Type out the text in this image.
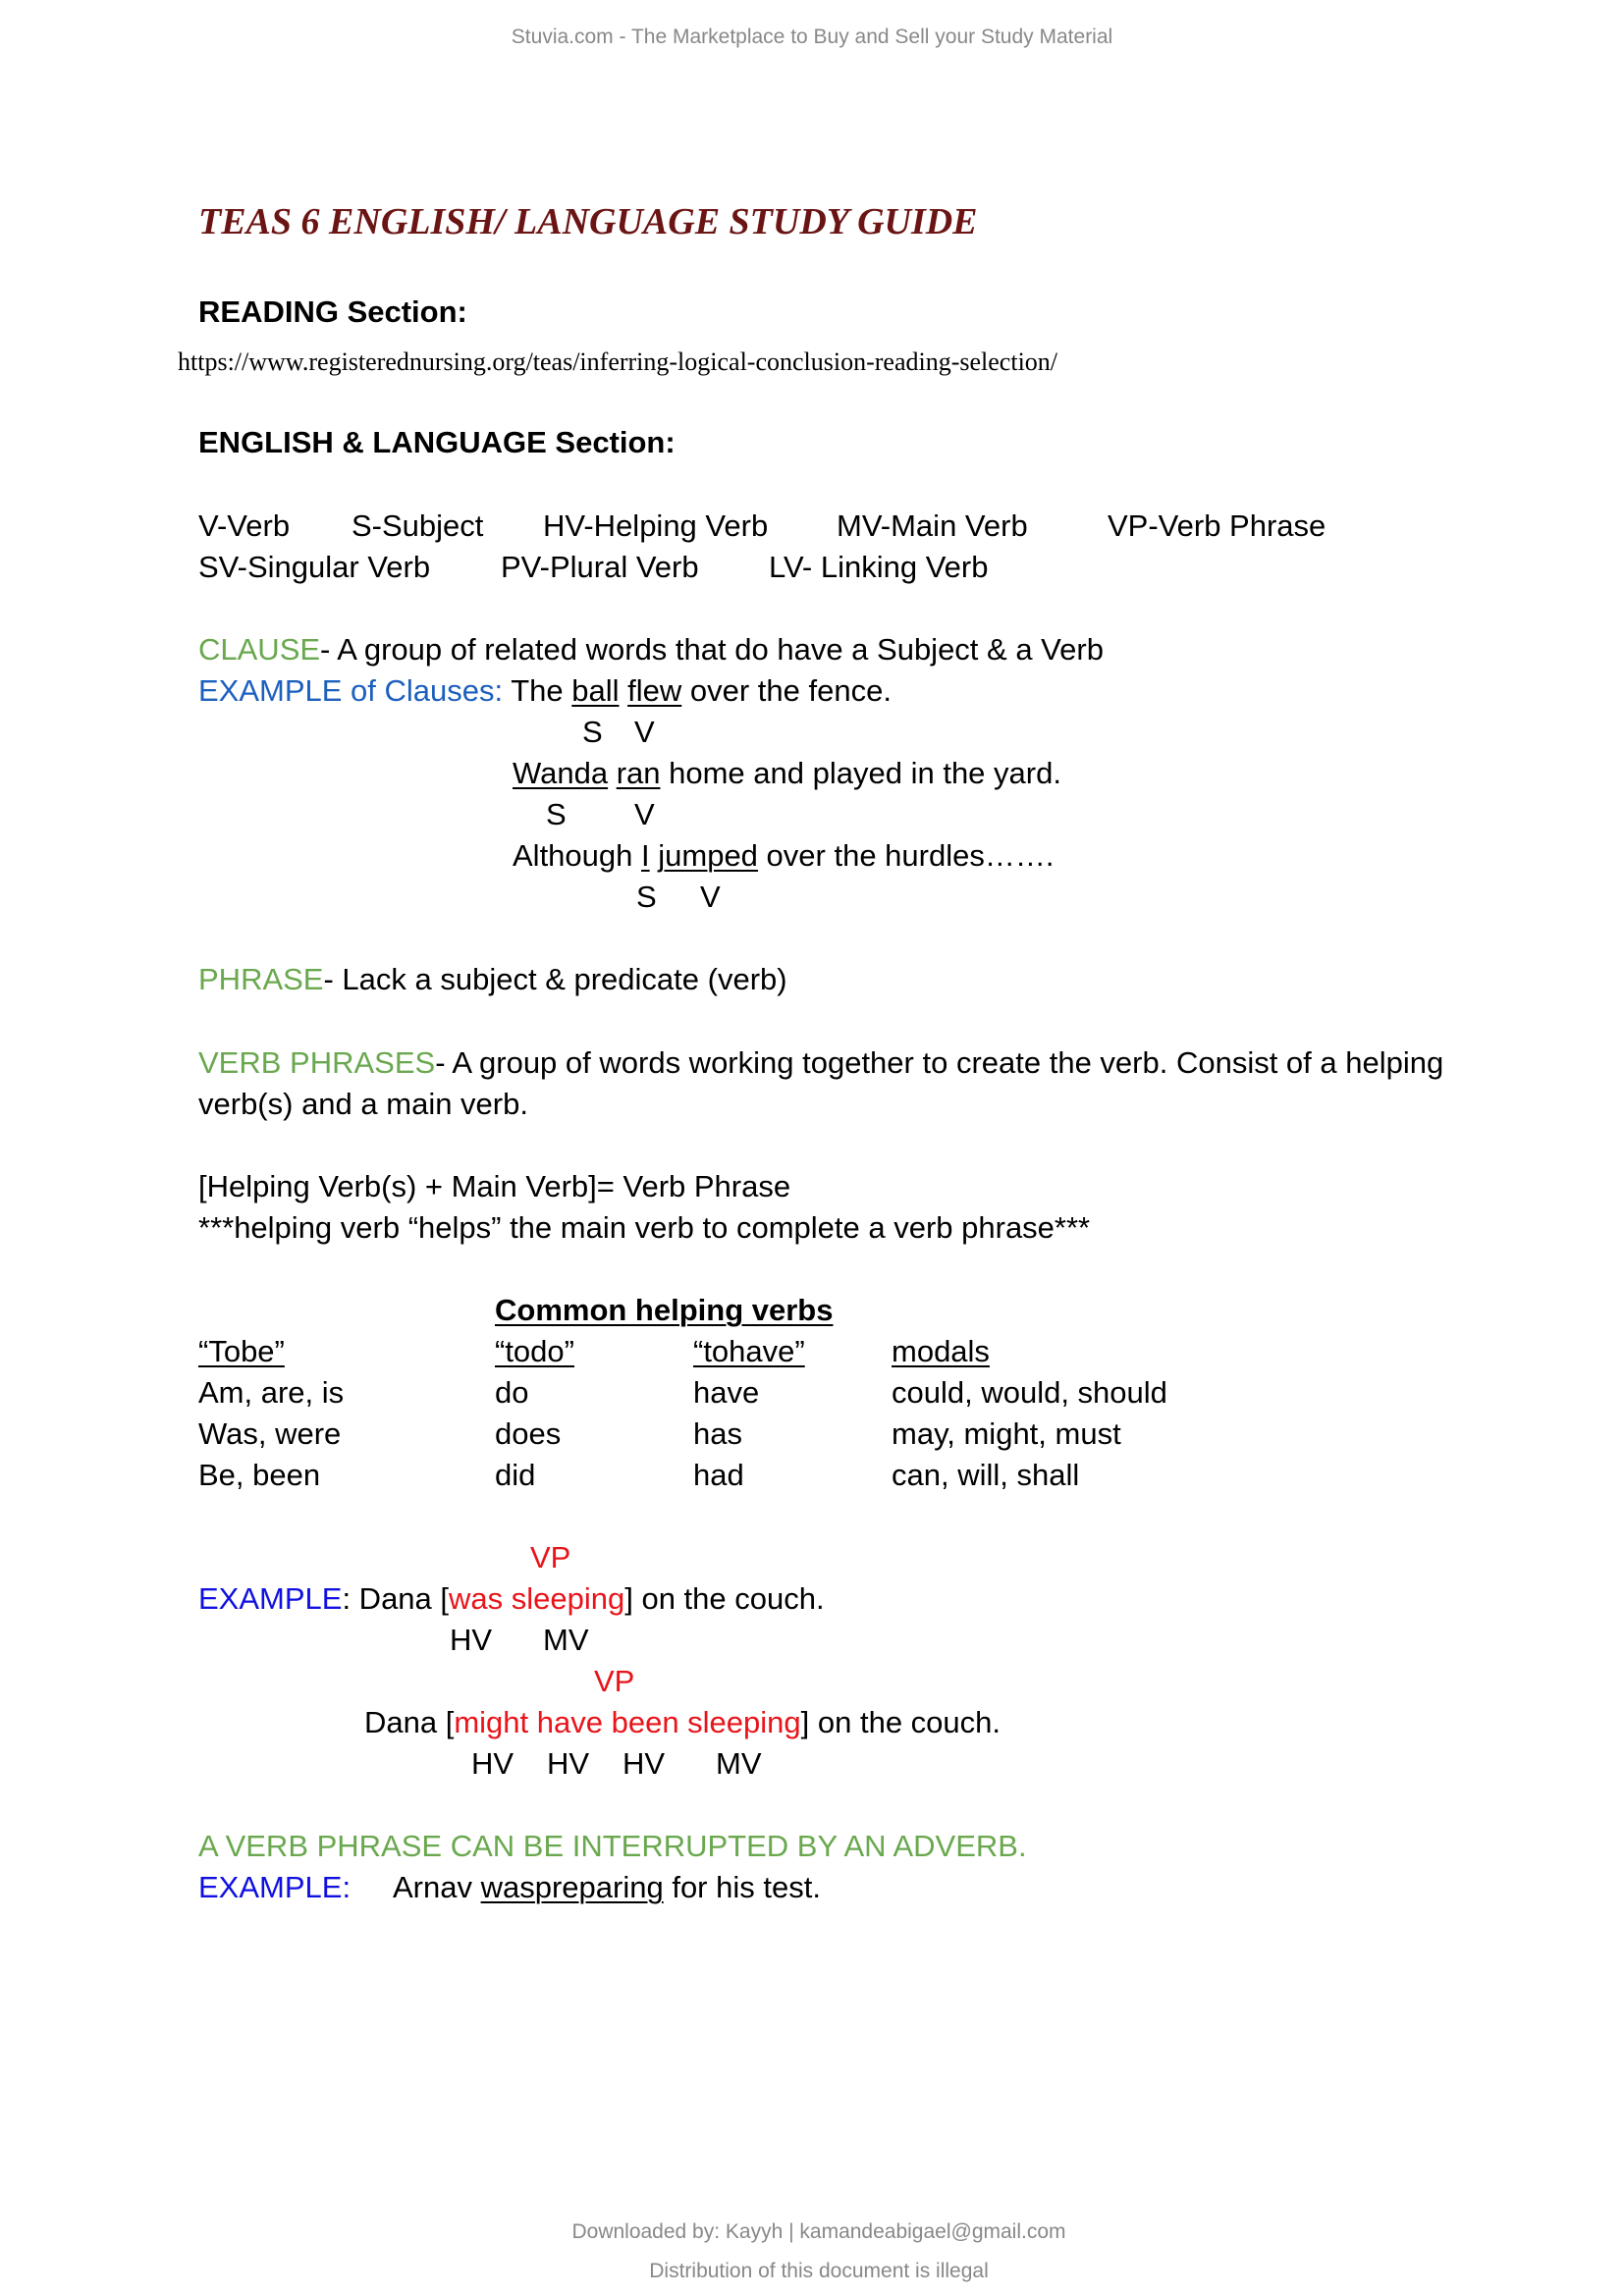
Stuvia.com - The Marketplace to Buy and Sell your Study Material
TEAS 6 ENGLISH/ LANGUAGE STUDY GUIDE
READING Section:
https://www.registerednursing.org/teas/inferring-logical-conclusion-reading-selection/
ENGLISH & LANGUAGE Section:
V-Verb S-Subject HV-Helping Verb MV-Main Verb	VP-Verb Phrase
SV-Singular Verb PV-Plural Verb LV- Linking Verb
CLAUSE- A group of related words that do have a Subject & a Verb
EXAMPLE of Clauses: The ball flew over the fence.
S V
Wanda ran home and played in the yard.
S V
Although I jumped over the hurdles…….
S V
PHRASE- Lack a subject & predicate (verb)
VERB PHRASES- A group of words working together to create the verb. Consist of a helping
verb(s) and a main verb.
[Helping Verb(s) + Main Verb]= Verb Phrase
***helping verb “helps” the main verb to complete a verb phrase***
Common helping verbs
“Tobe”	“todo”	“tohave”	modals
Am, are, is	do	have	could, would, should
Was, were	does	has	may, might, must
Be, been	did	had	can, will, shall
VP
EXAMPLE: Dana [was sleeping] on the couch.
HV MV
VP
Dana [might have been sleeping] on the couch.
HV HV HV MV
A VERB PHRASE CAN BE INTERRUPTED BY AN ADVERB.
EXAMPLE: Arnav waspreparing for his test.
Downloaded by: Kayyh | kamandeabigael@gmail.com
Distribution of this document is illegal
